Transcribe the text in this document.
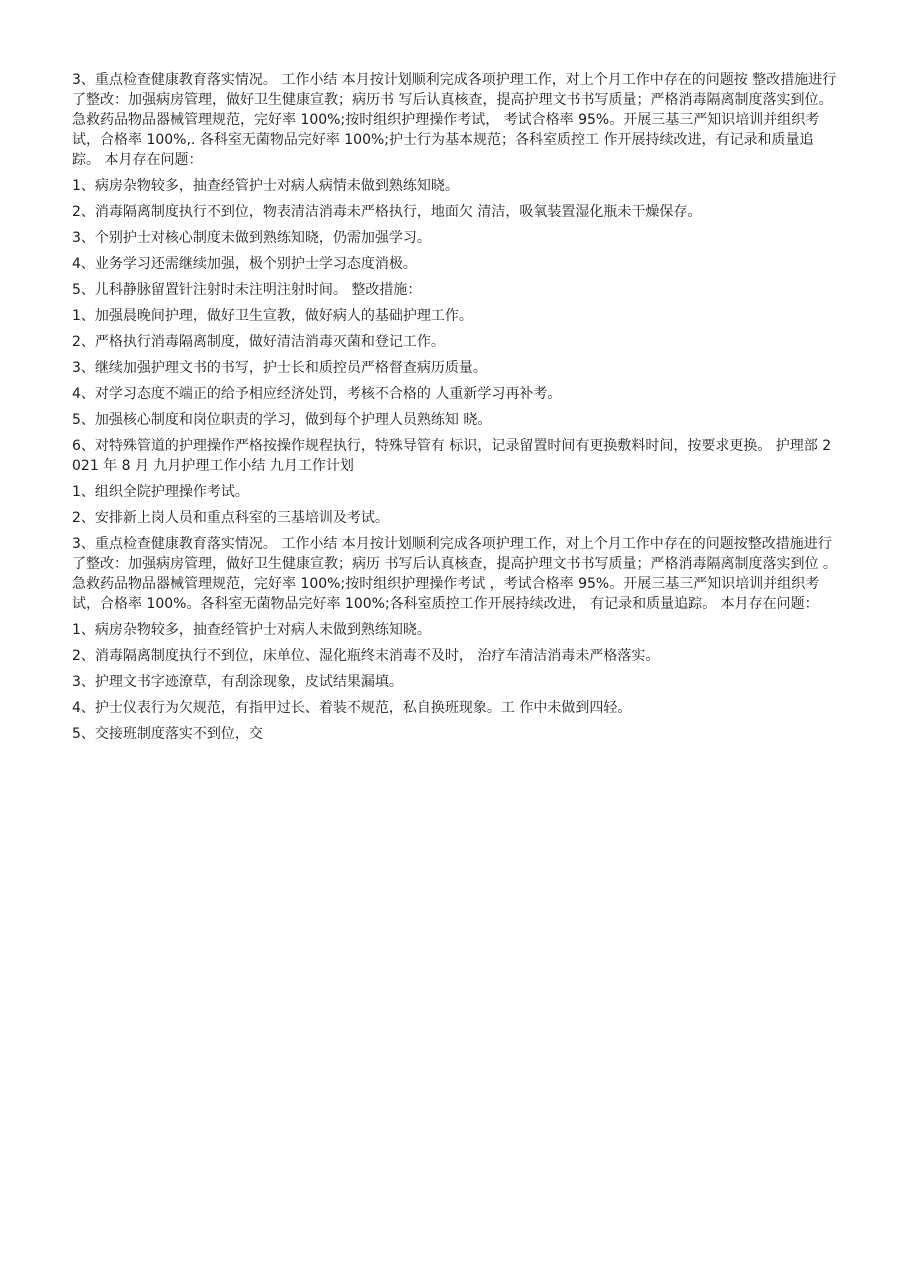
3、重点检查健康教育落实情况。 工作小结 本月按计划顺利完成各项护理工作，对上个月工作中存在的问题按 整改措施进行了整改：加强病房管理，做好卫生健康宣教；病历书 写后认真核查，提高护理文书书写质量；严格消毒隔离制度落实到位。 急救药品物品器械管理规范，完好率 100%;按时组织护理操作考试， 考试合格率 95%。开展三基三严知识培训并组织考试，合格率 100%,. 各科室无菌物品完好率 100%;护士行为基本规范；各科室质控工 作开展持续改进，有记录和质量追踪。 本月存在问题：

1、病房杂物较多，抽查经管护士对病人病情未做到熟练知晓。

2、消毒隔离制度执行不到位，物表清洁消毒未严格执行，地面欠 清洁，吸氧装置湿化瓶未干燥保存。

3、个别护士对核心制度未做到熟练知晓，仍需加强学习。

4、业务学习还需继续加强，极个别护士学习态度消极。

5、儿科静脉留置针注射时未注明注射时间。 整改措施：

1、加强晨晚间护理，做好卫生宣教，做好病人的基础护理工作。

2、严格执行消毒隔离制度，做好清洁消毒灭菌和登记工作。

3、继续加强护理文书的书写，护士长和质控员严格督查病历质量。

4、对学习态度不端正的给予相应经济处罚，考核不合格的 人重新学习再补考。

5、加强核心制度和岗位职责的学习，做到每个护理人员熟练知 晓。

6、对特殊管道的护理操作严格按操作规程执行，特殊导管有 标识，记录留置时间有更换敷料时间，按要求更换。 护理部 2021 年 8 月 九月护理工作小结 九月工作计划

1、组织全院护理操作考试。

2、安排新上岗人员和重点科室的三基培训及考试。

3、重点检查健康教育落实情况。 工作小结 本月按计划顺利完成各项护理工作，对上个月工作中存在的问题按整改措施进行了整改：加强病房管理，做好卫生健康宣教；病历 书写后认真核查，提高护理文书书写质量；严格消毒隔离制度落实到位 。急救药品物品器械管理规范，完好率 100%;按时组织护理操作考试 ，考试合格率 95%。开展三基三严知识培训并组织考试，合格率 100%。各科室无菌物品完好率 100%;各科室质控工作开展持续改进， 有记录和质量追踪。 本月存在问题：

1、病房杂物较多，抽查经管护士对病人未做到熟练知晓。

2、消毒隔离制度执行不到位，床单位、湿化瓶终末消毒不及时， 治疗车清洁消毒未严格落实。

3、护理文书字迹潦草，有刮涂现象，皮试结果漏填。

4、护士仪表行为欠规范，有指甲过长、着装不规范，私自换班现象。工 作中未做到四轻。

5、交接班制度落实不到位，交
